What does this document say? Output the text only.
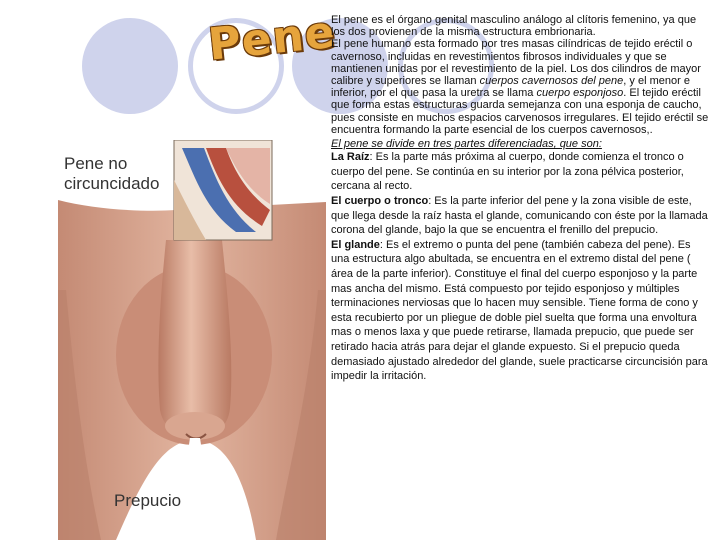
Pene
Pene no
circuncidado
Prepucio

El pene es el órgano genital masculino análogo al clítoris femenino, ya que los dos provienen de la misma estructura embrionaria.

El pene humano esta formado por tres masas cilíndricas de tejido eréctil o cavernoso, incluidas en revestimientos fibrosos individuales y que se mantienen unidas por el revestimiento de la piel. Los dos cilindros de mayor calibre y superiores se llaman cuerpos cavernosos del pene, y el menor e inferior, por el que pasa la uretra se llama cuerpo esponjoso. El tejido eréctil que forma estas estructuras guarda semejanza con una esponja de caucho, pues consiste en muchos espacios carvenosos irregulares. El tejido eréctil se encuentra formando la parte esencial de los cuerpos cavernosos,.

El pene se divide en tres partes diferenciadas, que son:

La Raíz: Es la parte más próxima al cuerpo, donde comienza el tronco o cuerpo del pene. Se continúa en su interior por la zona pélvica posterior, cercana al recto.

El cuerpo o tronco: Es la parte inferior del pene y la zona visible de este, que llega desde la raíz hasta el glande, comunicando con éste por la llamada corona del glande, bajo la que se encuentra el frenillo del prepucio.

El glande: Es el extremo o punta del pene (también cabeza del pene). Es una estructura algo abultada, se encuentra en el extremo distal del pene ( área de la parte inferior). Constituye el final del cuerpo esponjoso y la parte mas ancha del mismo. Está compuesto por tejido esponjoso y múltiples terminaciones nerviosas que lo hacen muy sensible. Tiene forma de cono y esta recubierto por un pliegue de doble piel suelta que forma una envoltura mas o menos laxa y que puede retirarse, llamada prepucio, que puede ser retirado hacia atrás para dejar el glande expuesto. Si el prepucio queda demasiado ajustado alrededor del glande, suele practicarse circuncisión para impedir la irritación.
